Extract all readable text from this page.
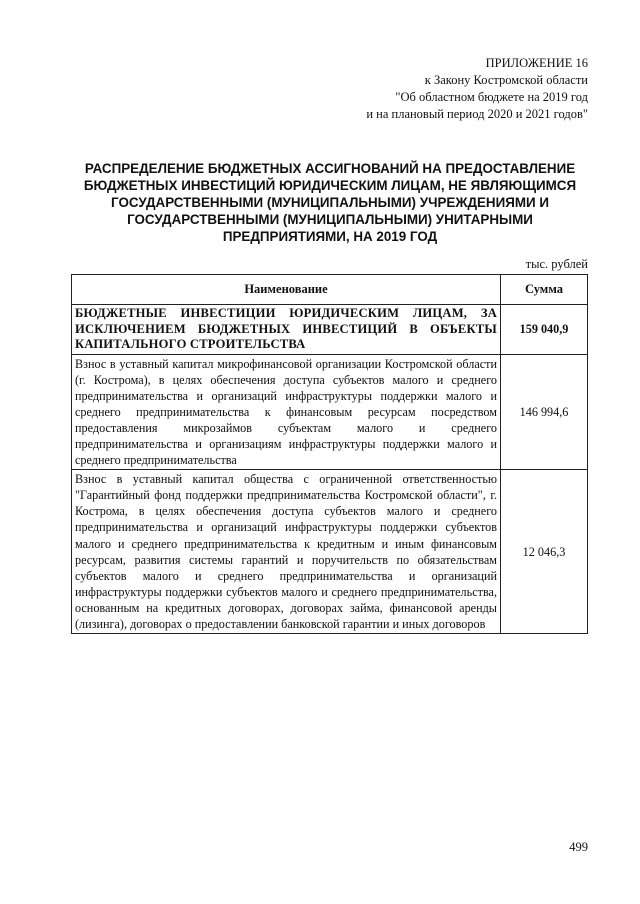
ПРИЛОЖЕНИЕ 16
к Закону Костромской области
"Об областном бюджете на 2019 год
и на плановый период 2020 и 2021 годов"
РАСПРЕДЕЛЕНИЕ БЮДЖЕТНЫХ АССИГНОВАНИЙ НА ПРЕДОСТАВЛЕНИЕ
БЮДЖЕТНЫХ ИНВЕСТИЦИЙ ЮРИДИЧЕСКИМ ЛИЦАМ, НЕ ЯВЛЯЮЩИМСЯ
ГОСУДАРСТВЕННЫМИ (МУНИЦИПАЛЬНЫМИ) УЧРЕЖДЕНИЯМИ И
ГОСУДАРСТВЕННЫМИ (МУНИЦИПАЛЬНЫМИ) УНИТАРНЫМИ
ПРЕДПРИЯТИЯМИ, НА 2019 ГОД
тыс. рублей
Наименование	Сумма
БЮДЖЕТНЫЕ ИНВЕСТИЦИИ ЮРИДИЧЕСКИМ ЛИЦАМ, ЗА ИСКЛЮЧЕНИЕМ БЮДЖЕТНЫХ ИНВЕСТИЦИЙ В ОБЪЕКТЫ КАПИТАЛЬНОГО СТРОИТЕЛЬСТВА	159 040,9
Взнос в уставный капитал микрофинансовой организации Костромской области (г. Кострома), в целях обеспечения доступа субъектов малого и среднего предпринимательства и организаций инфраструктуры поддержки малого и среднего предпринимательства к финансовым ресурсам посредством предоставления микрозаймов субъектам малого и среднего предпринимательства и организациям инфраструктуры поддержки малого и среднего предпринимательства	146 994,6
Взнос в уставный капитал общества с ограниченной ответственностью "Гарантийный фонд поддержки предпринимательства Костромской области", г. Кострома, в целях обеспечения доступа субъектов малого и среднего предпринимательства и организаций инфраструктуры поддержки субъектов малого и среднего предпринимательства к кредитным и иным финансовым ресурсам, развития системы гарантий и поручительств по обязательствам субъектов малого и среднего предпринимательства и организаций инфраструктуры поддержки субъектов малого и среднего предпринимательства, основанным на кредитных договорах, договорах займа, финансовой аренды (лизинга), договорах о предоставлении банковской гарантии и иных договоров	12 046,3
499
